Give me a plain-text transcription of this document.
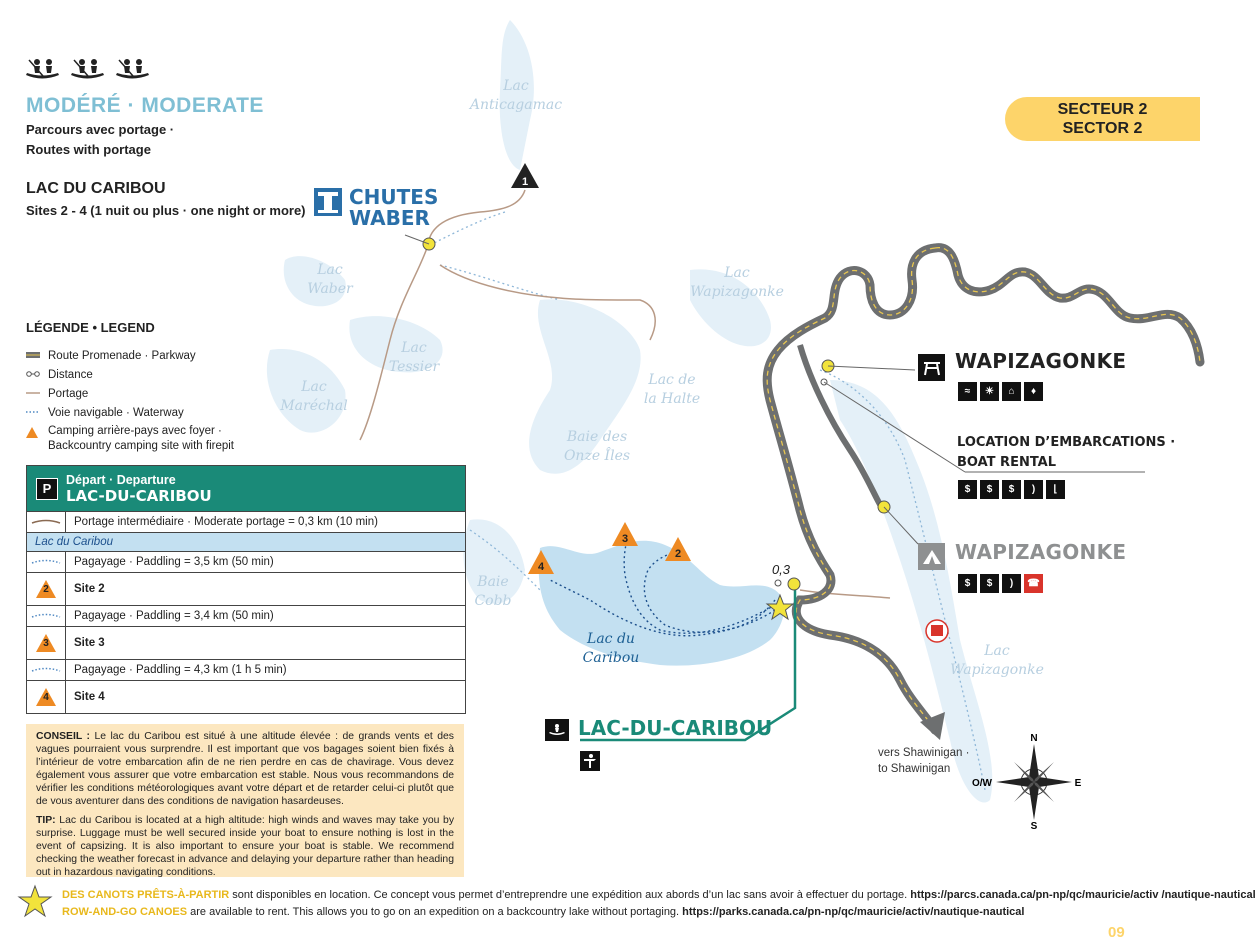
3
2
4
1
Lac
Anticagamac
Lac
Waber
Lac
Tessier
Lac
Maréchal
Lac
Wapizagonke
Lac de
la Halte
Baie des
Onze Îles
Baie
Cobb
Lac
Wapizagonke
Lac du
Caribou
0,3
vers Shawinigan ·
to Shawinigan
N
S
E
O/W
MODÉRÉ · MODERATE
Parcours avec portage ·
Routes with portage
LAC DU CARIBOU
Sites 2 - 4 (1 nuit ou plus · one night or more)
SECTEUR 2
SECTOR 2
CHUTES
WABER
LÉGENDE • LEGEND
Route Promenade · Parkway
Distance
Portage
Voie navigable · Waterway
Camping arrière-pays avec foyer ·
Backcountry camping site with firepit
P
Départ · Departure
LAC-DU-CARIBOU
Portage intermédiaire · Moderate portage = 0,3 km (10 min)
Lac du Caribou
Pagayage · Paddling = 3,5 km (50 min)
2	Site 2
Pagayage · Paddling = 3,4 km (50 min)
3	Site 3
Pagayage · Paddling = 4,3 km (1 h 5 min)
4	Site 4
CONSEIL : Le lac du Caribou est situé à une altitude élevée : de grands vents et des vagues pourraient vous surprendre. Il est important que vos bagages soient bien fixés à l’intérieur de votre embarcation afin de ne rien perdre en cas de chavirage. Vous devez également vous assurer que votre embarcation est stable. Nous vous recommandons de vérifier les conditions météorologiques avant votre départ et de retarder celui-ci plutôt que de vous aventurer dans des conditions de navigation hasardeuses.
TIP: Lac du Caribou is located at a high altitude: high winds and waves may take you by surprise. Luggage must be well secured inside your boat to ensure nothing is lost in the event of capsizing. It is also important to ensure your boat is stable. We recommend checking the weather forecast in advance and delaying your departure rather than heading out in hazardous navigating conditions.
WAPIZAGONKE
≈	☀	⌂	♦
LOCATION D’EMBARCATIONS ·
BOAT RENTAL
$	$	$	)	⌊
WAPIZAGONKE
$	$	)	☎
LAC-DU-CARIBOU
DES CANOTS PRÊTS-À-PARTIR sont disponibles en location. Ce concept vous permet d’entreprendre une expédition aux abords d’un lac sans avoir à effectuer du portage. https://parcs.canada.ca/pn-np/qc/mauricie/activ /nautique-nautical
ROW-AND-GO CANOES are available to rent. This allows you to go on an expedition on a backcountry lake without portaging. https://parks.canada.ca/pn-np/qc/mauricie/activ/nautique-nautical
09
